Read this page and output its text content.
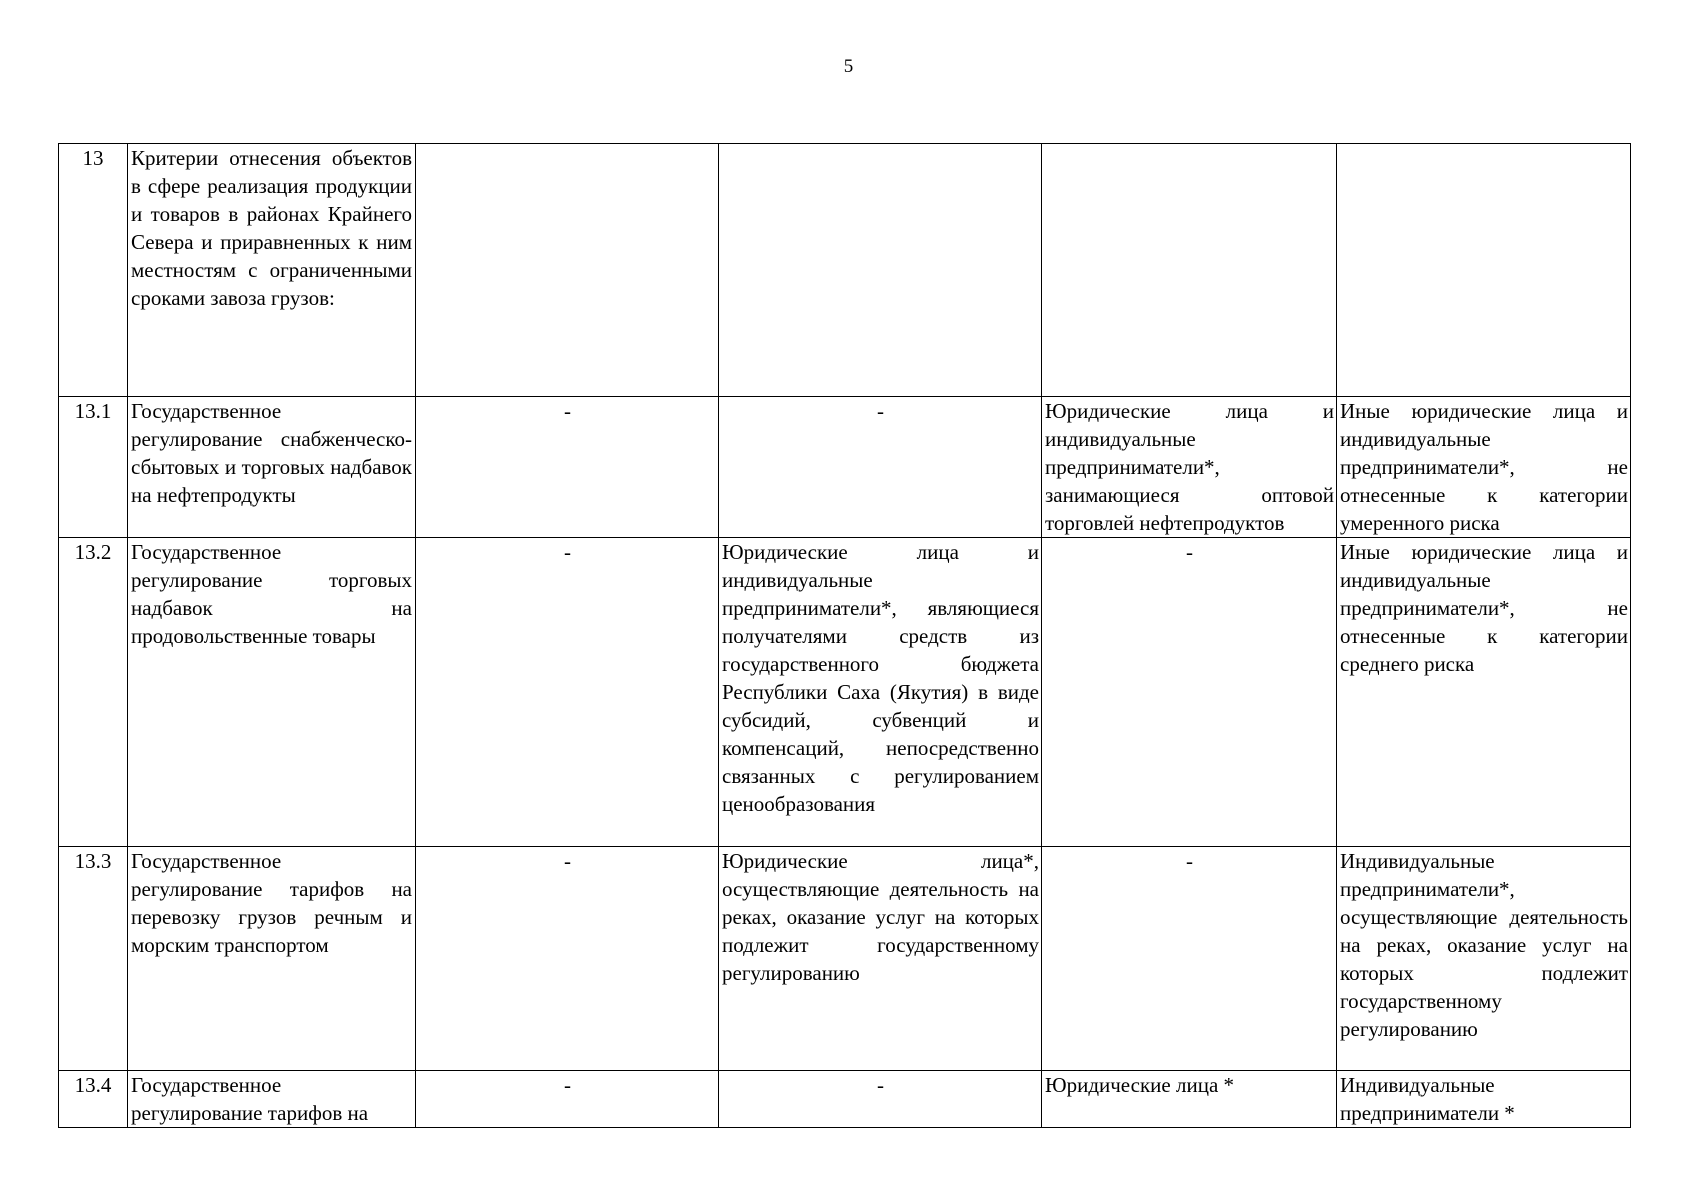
5
13	Критерии отнесения объектов в сфере реализация продукции и товаров в районах Крайнего Севера и приравненных к ним местностям с ограниченными сроками завоза грузов:				
13.1	Государственное регулирование снабженческо-сбытовых и торговых надбавок на нефтепродукты	-	-	Юридические лица и индивидуальные предприниматели*, занимающиеся оптовой торговлей нефтепродуктов	Иные юридические лица и индивидуальные предприниматели*, не отнесенные к категории умеренного риска
13.2	Государственное регулирование торговых надбавок на продовольственные товары	-	Юридические лица и индивидуальные предприниматели*, являющиеся получателями средств из государственного бюджета Республики Саха (Якутия) в виде субсидий, субвенций и компенсаций, непосредственно связанных с регулированием ценообразования	-	Иные юридические лица и индивидуальные предприниматели*, не отнесенные к категории среднего риска
13.3	Государственное регулирование тарифов на перевозку грузов речным и морским транспортом	-	Юридические лица*, осуществляющие деятельность на реках, оказание услуг на которых подлежит государственному регулированию	-	Индивидуальные предприниматели*, осуществляющие деятельность на реках, оказание услуг на которых подлежит государственному регулированию
13.4	Государственное регулирование тарифов на	-	-	Юридические лица *	Индивидуальные предприниматели *
